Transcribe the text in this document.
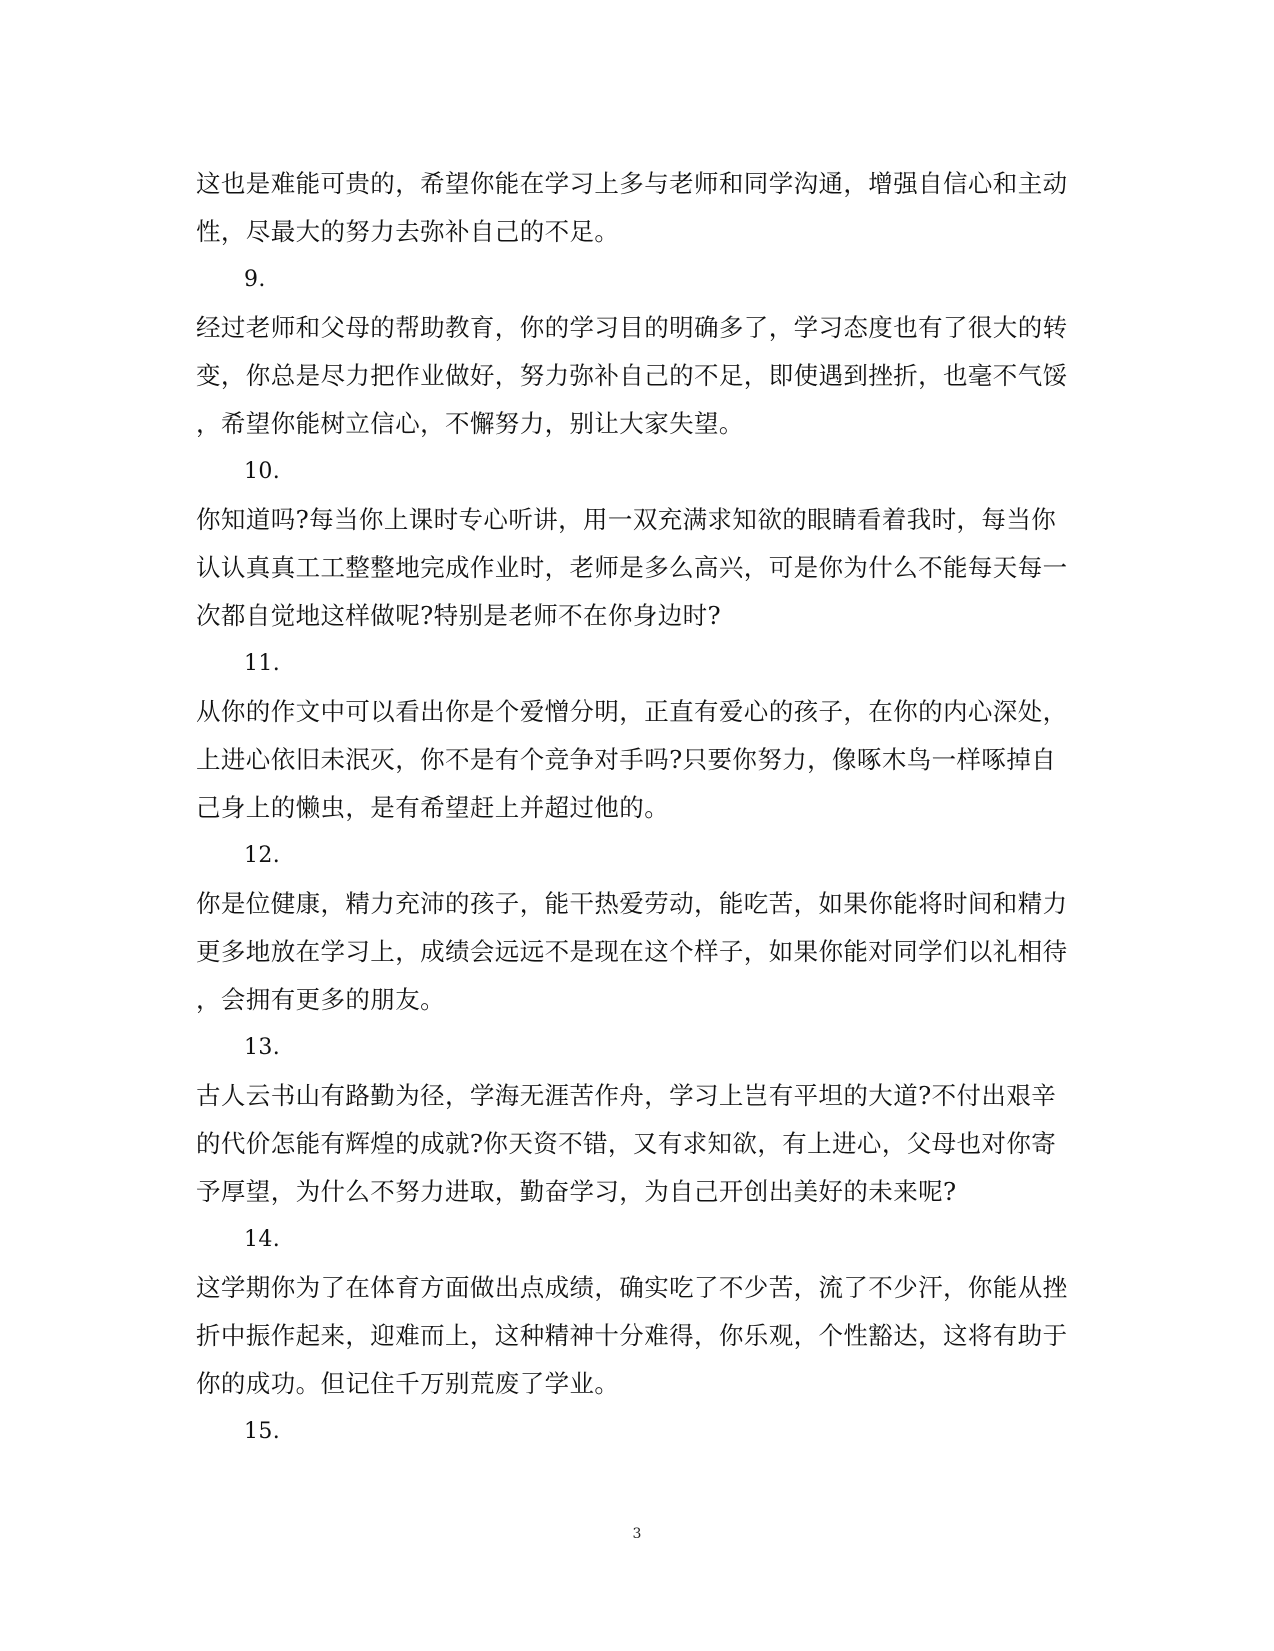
这也是难能可贵的，希望你能在学习上多与老师和同学沟通，增强自信心和主动
性，尽最大的努力去弥补自己的不足。
9.
经过老师和父母的帮助教育，你的学习目的明确多了，学习态度也有了很大的转
变，你总是尽力把作业做好，努力弥补自己的不足，即使遇到挫折，也毫不气馁
，希望你能树立信心，不懈努力，别让大家失望。
10.
你知道吗?每当你上课时专心听讲，用一双充满求知欲的眼睛看着我时，每当你
认认真真工工整整地完成作业时，老师是多么高兴，可是你为什么不能每天每一
次都自觉地这样做呢?特别是老师不在你身边时?
11.
从你的作文中可以看出你是个爱憎分明，正直有爱心的孩子，在你的内心深处，
上进心依旧未泯灭，你不是有个竞争对手吗?只要你努力，像啄木鸟一样啄掉自
己身上的懒虫，是有希望赶上并超过他的。
12.
你是位健康，精力充沛的孩子，能干热爱劳动，能吃苦，如果你能将时间和精力
更多地放在学习上，成绩会远远不是现在这个样子，如果你能对同学们以礼相待
，会拥有更多的朋友。
13.
古人云书山有路勤为径，学海无涯苦作舟，学习上岂有平坦的大道?不付出艰辛
的代价怎能有辉煌的成就?你天资不错，又有求知欲，有上进心，父母也对你寄
予厚望，为什么不努力进取，勤奋学习，为自己开创出美好的未来呢?
14.
这学期你为了在体育方面做出点成绩，确实吃了不少苦，流了不少汗，你能从挫
折中振作起来，迎难而上，这种精神十分难得，你乐观，个性豁达，这将有助于
你的成功。但记住千万别荒废了学业。
15.
3
